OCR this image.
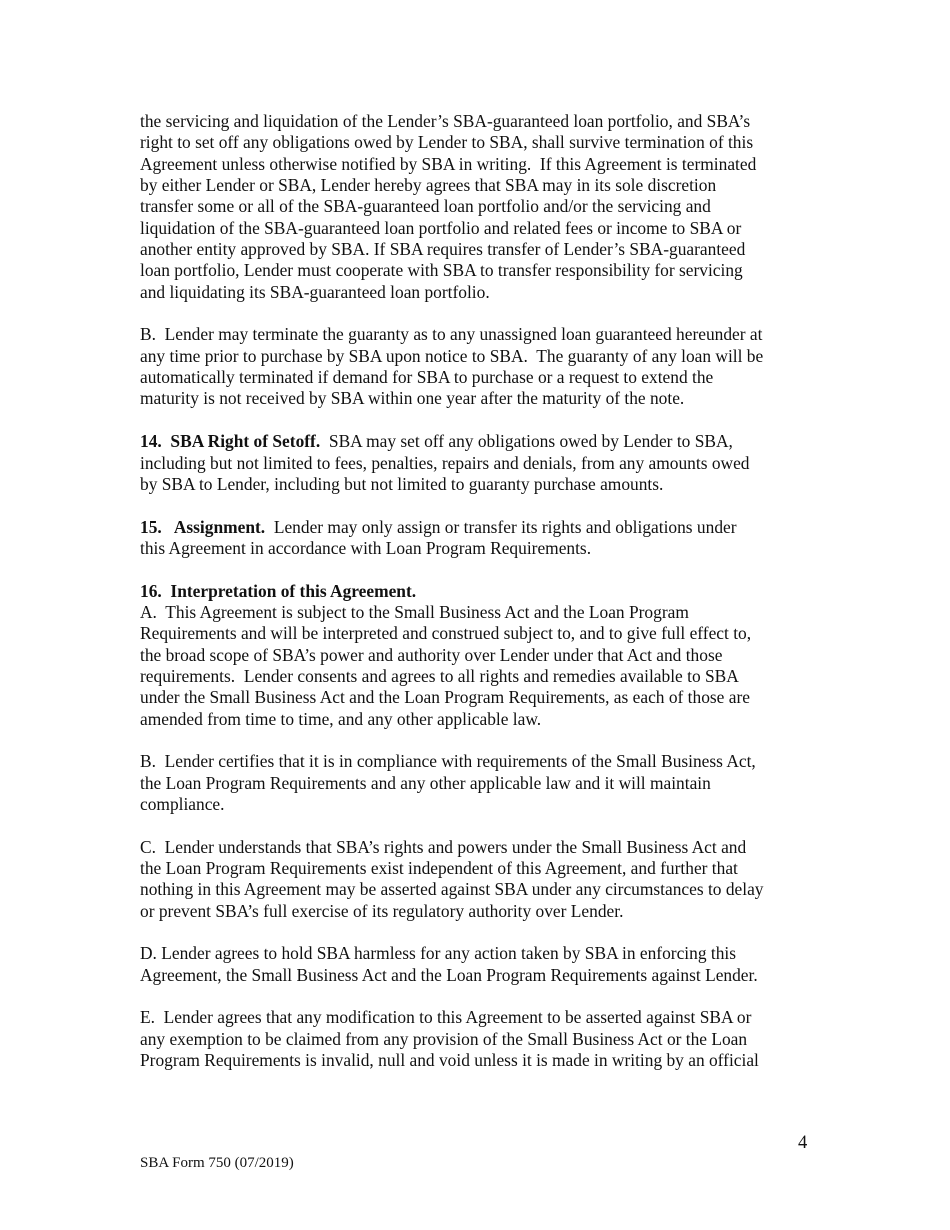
the servicing and liquidation of the Lender’s SBA-guaranteed loan portfolio, and SBA’s
right to set off any obligations owed by Lender to SBA, shall survive termination of this
Agreement unless otherwise notified by SBA in writing.  If this Agreement is terminated
by either Lender or SBA, Lender hereby agrees that SBA may in its sole discretion
transfer some or all of the SBA-guaranteed loan portfolio and/or the servicing and
liquidation of the SBA-guaranteed loan portfolio and related fees or income to SBA or
another entity approved by SBA. If SBA requires transfer of Lender’s SBA-guaranteed
loan portfolio, Lender must cooperate with SBA to transfer responsibility for servicing
and liquidating its SBA-guaranteed loan portfolio.

B.  Lender may terminate the guaranty as to any unassigned loan guaranteed hereunder at
any time prior to purchase by SBA upon notice to SBA.  The guaranty of any loan will be
automatically terminated if demand for SBA to purchase or a request to extend the
maturity is not received by SBA within one year after the maturity of the note.

14.  SBA Right of Setoff.  SBA may set off any obligations owed by Lender to SBA,
including but not limited to fees, penalties, repairs and denials, from any amounts owed
by SBA to Lender, including but not limited to guaranty purchase amounts.

15.   Assignment.  Lender may only assign or transfer its rights and obligations under
this Agreement in accordance with Loan Program Requirements.

16.  Interpretation of this Agreement.

A.  This Agreement is subject to the Small Business Act and the Loan Program
Requirements and will be interpreted and construed subject to, and to give full effect to,
the broad scope of SBA’s power and authority over Lender under that Act and those
requirements.  Lender consents and agrees to all rights and remedies available to SBA
under the Small Business Act and the Loan Program Requirements, as each of those are
amended from time to time, and any other applicable law.

B.  Lender certifies that it is in compliance with requirements of the Small Business Act,
the Loan Program Requirements and any other applicable law and it will maintain
compliance.

C.  Lender understands that SBA’s rights and powers under the Small Business Act and
the Loan Program Requirements exist independent of this Agreement, and further that
nothing in this Agreement may be asserted against SBA under any circumstances to delay
or prevent SBA’s full exercise of its regulatory authority over Lender.

D. Lender agrees to hold SBA harmless for any action taken by SBA in enforcing this
Agreement, the Small Business Act and the Loan Program Requirements against Lender.

E.  Lender agrees that any modification to this Agreement to be asserted against SBA or
any exemption to be claimed from any provision of the Small Business Act or the Loan
Program Requirements is invalid, null and void unless it is made in writing by an official

4
SBA Form 750 (07/2019)
